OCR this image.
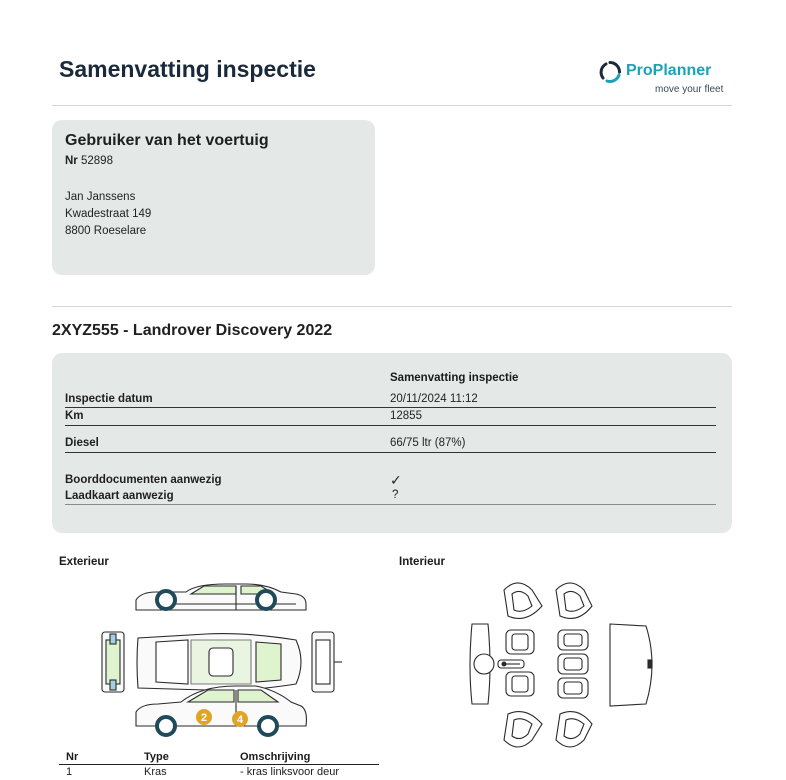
Samenvatting inspectie	ProPlanner
move your fleet
Gebruiker van het voertuig
Nr 52898
Jan Janssens
Kwadestraat 149
8800 Roeselare
2XYZ555 - Landrover Discovery 2022
Samenvatting inspectie
Inspectie datum	20/11/2024 11:12
Km	12855
Diesel	66/75 ltr (87%)
Boorddocumenten aanwezig	✓
Laadkaart aanwezig	?
Exterieur	Interieur
2	4
Nr	Type	Omschrijving
1	Kras	- kras linksvoor deur
